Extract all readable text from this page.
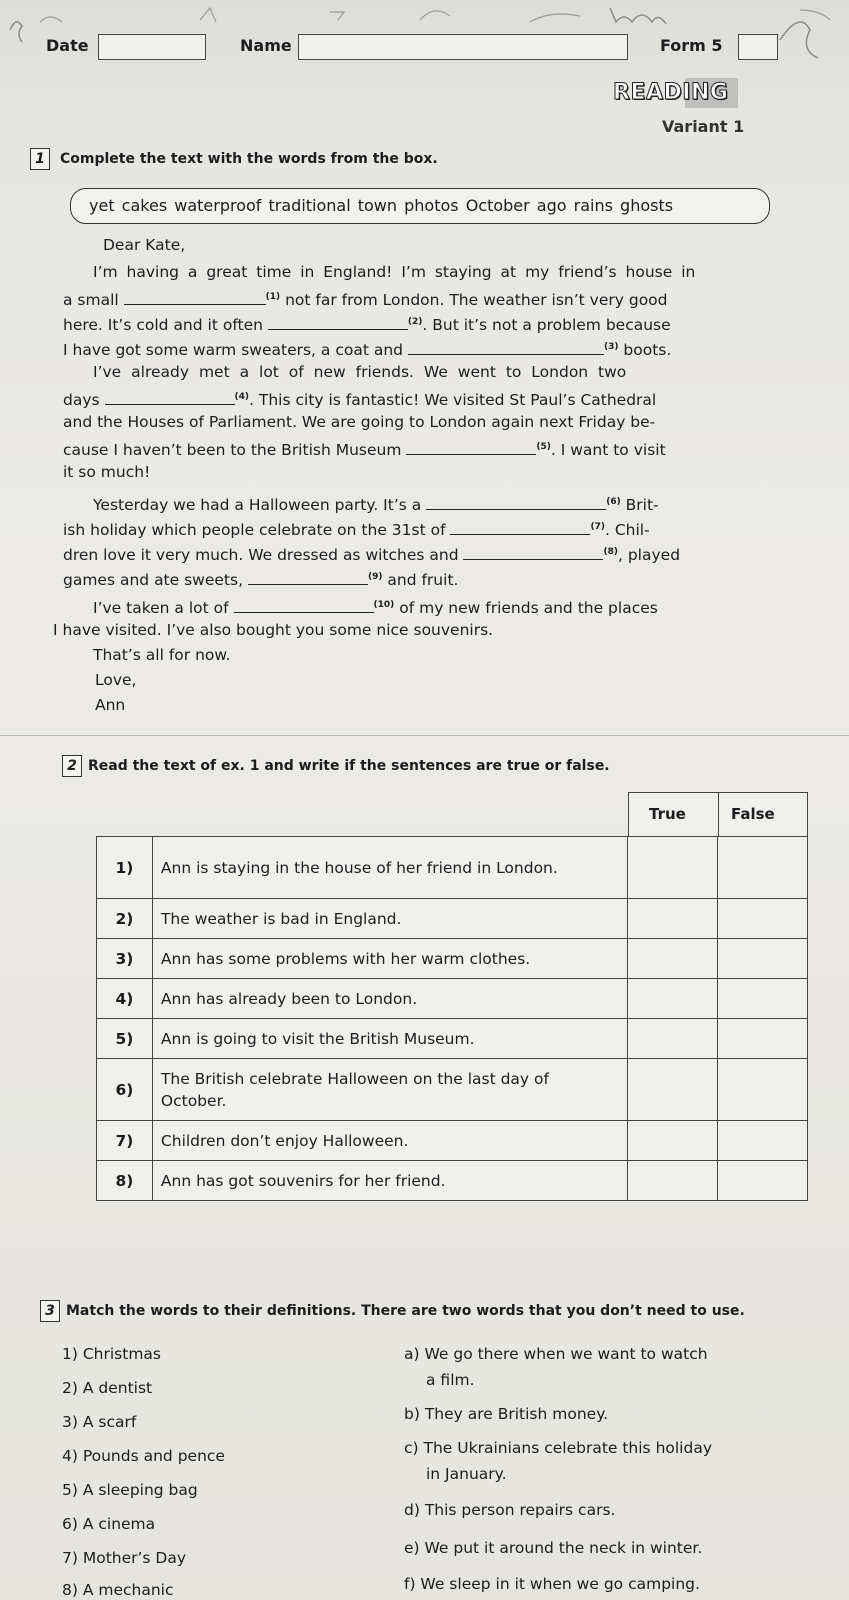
Date	Name	Form 5
READING
Variant 1
1 Complete the text with the words from the box.
yet cakes waterproof traditional town photos October ago rains ghosts
Dear Kate,
I’m having a great time in England! I’m staying at my friend’s house in
a small	$^{(1)}$ not far from London. The weather isn’t very good
here. It’s cold and it often	$^{(2)}$. But it’s not a problem because
I have got some warm sweaters, a coat and	$^{(3)}$ boots.
I’ve already met a lot of new friends. We went to London two
days	$^{(4)}$. This city is fantastic! We visited St Paul’s Cathedral
and the Houses of Parliament. We are going to London again next Friday be-
cause I haven’t been to the British Museum	$^{(5)}$. I want to visit
it so much!
Yesterday we had a Halloween party. It’s a	$^{(6)}$ Brit-
ish holiday which people celebrate on the 31st of	$^{(7)}$. Chil-
dren love it very much. We dressed as witches and	$^{(8)}$, played
games and ate sweets,	$^{(9)}$ and fruit.
I’ve taken a lot of	$^{(10)}$ of my new friends and the places
I have visited. I’ve also bought you some nice souvenirs.
That’s all for now.
Love,
Ann
2 Read the text of ex. 1 and write if the sentences are true or false.
True	False
1)	Ann is staying in the house of her friend in London.		
2)	The weather is bad in England.		
3)	Ann has some problems with her warm clothes.		
4)	Ann has already been to London.		
5)	Ann is going to visit the British Museum.		
6)	The British celebrate Halloween on the last day of October.		
7)	Children don’t enjoy Halloween.		
8)	Ann has got souvenirs for her friend.		
3 Match the words to their definitions. There are two words that you don’t need to use.
1) Christmas
2) A dentist
3) A scarf
4) Pounds and pence
5) A sleeping bag
6) A cinema
7) Mother’s Day
8) A mechanic
a) We go there when we want to watch
a film.
b) They are British money.
c) The Ukrainians celebrate this holiday
in January.
d) This person repairs cars.
e) We put it around the neck in winter.
f) We sleep in it when we go camping.
